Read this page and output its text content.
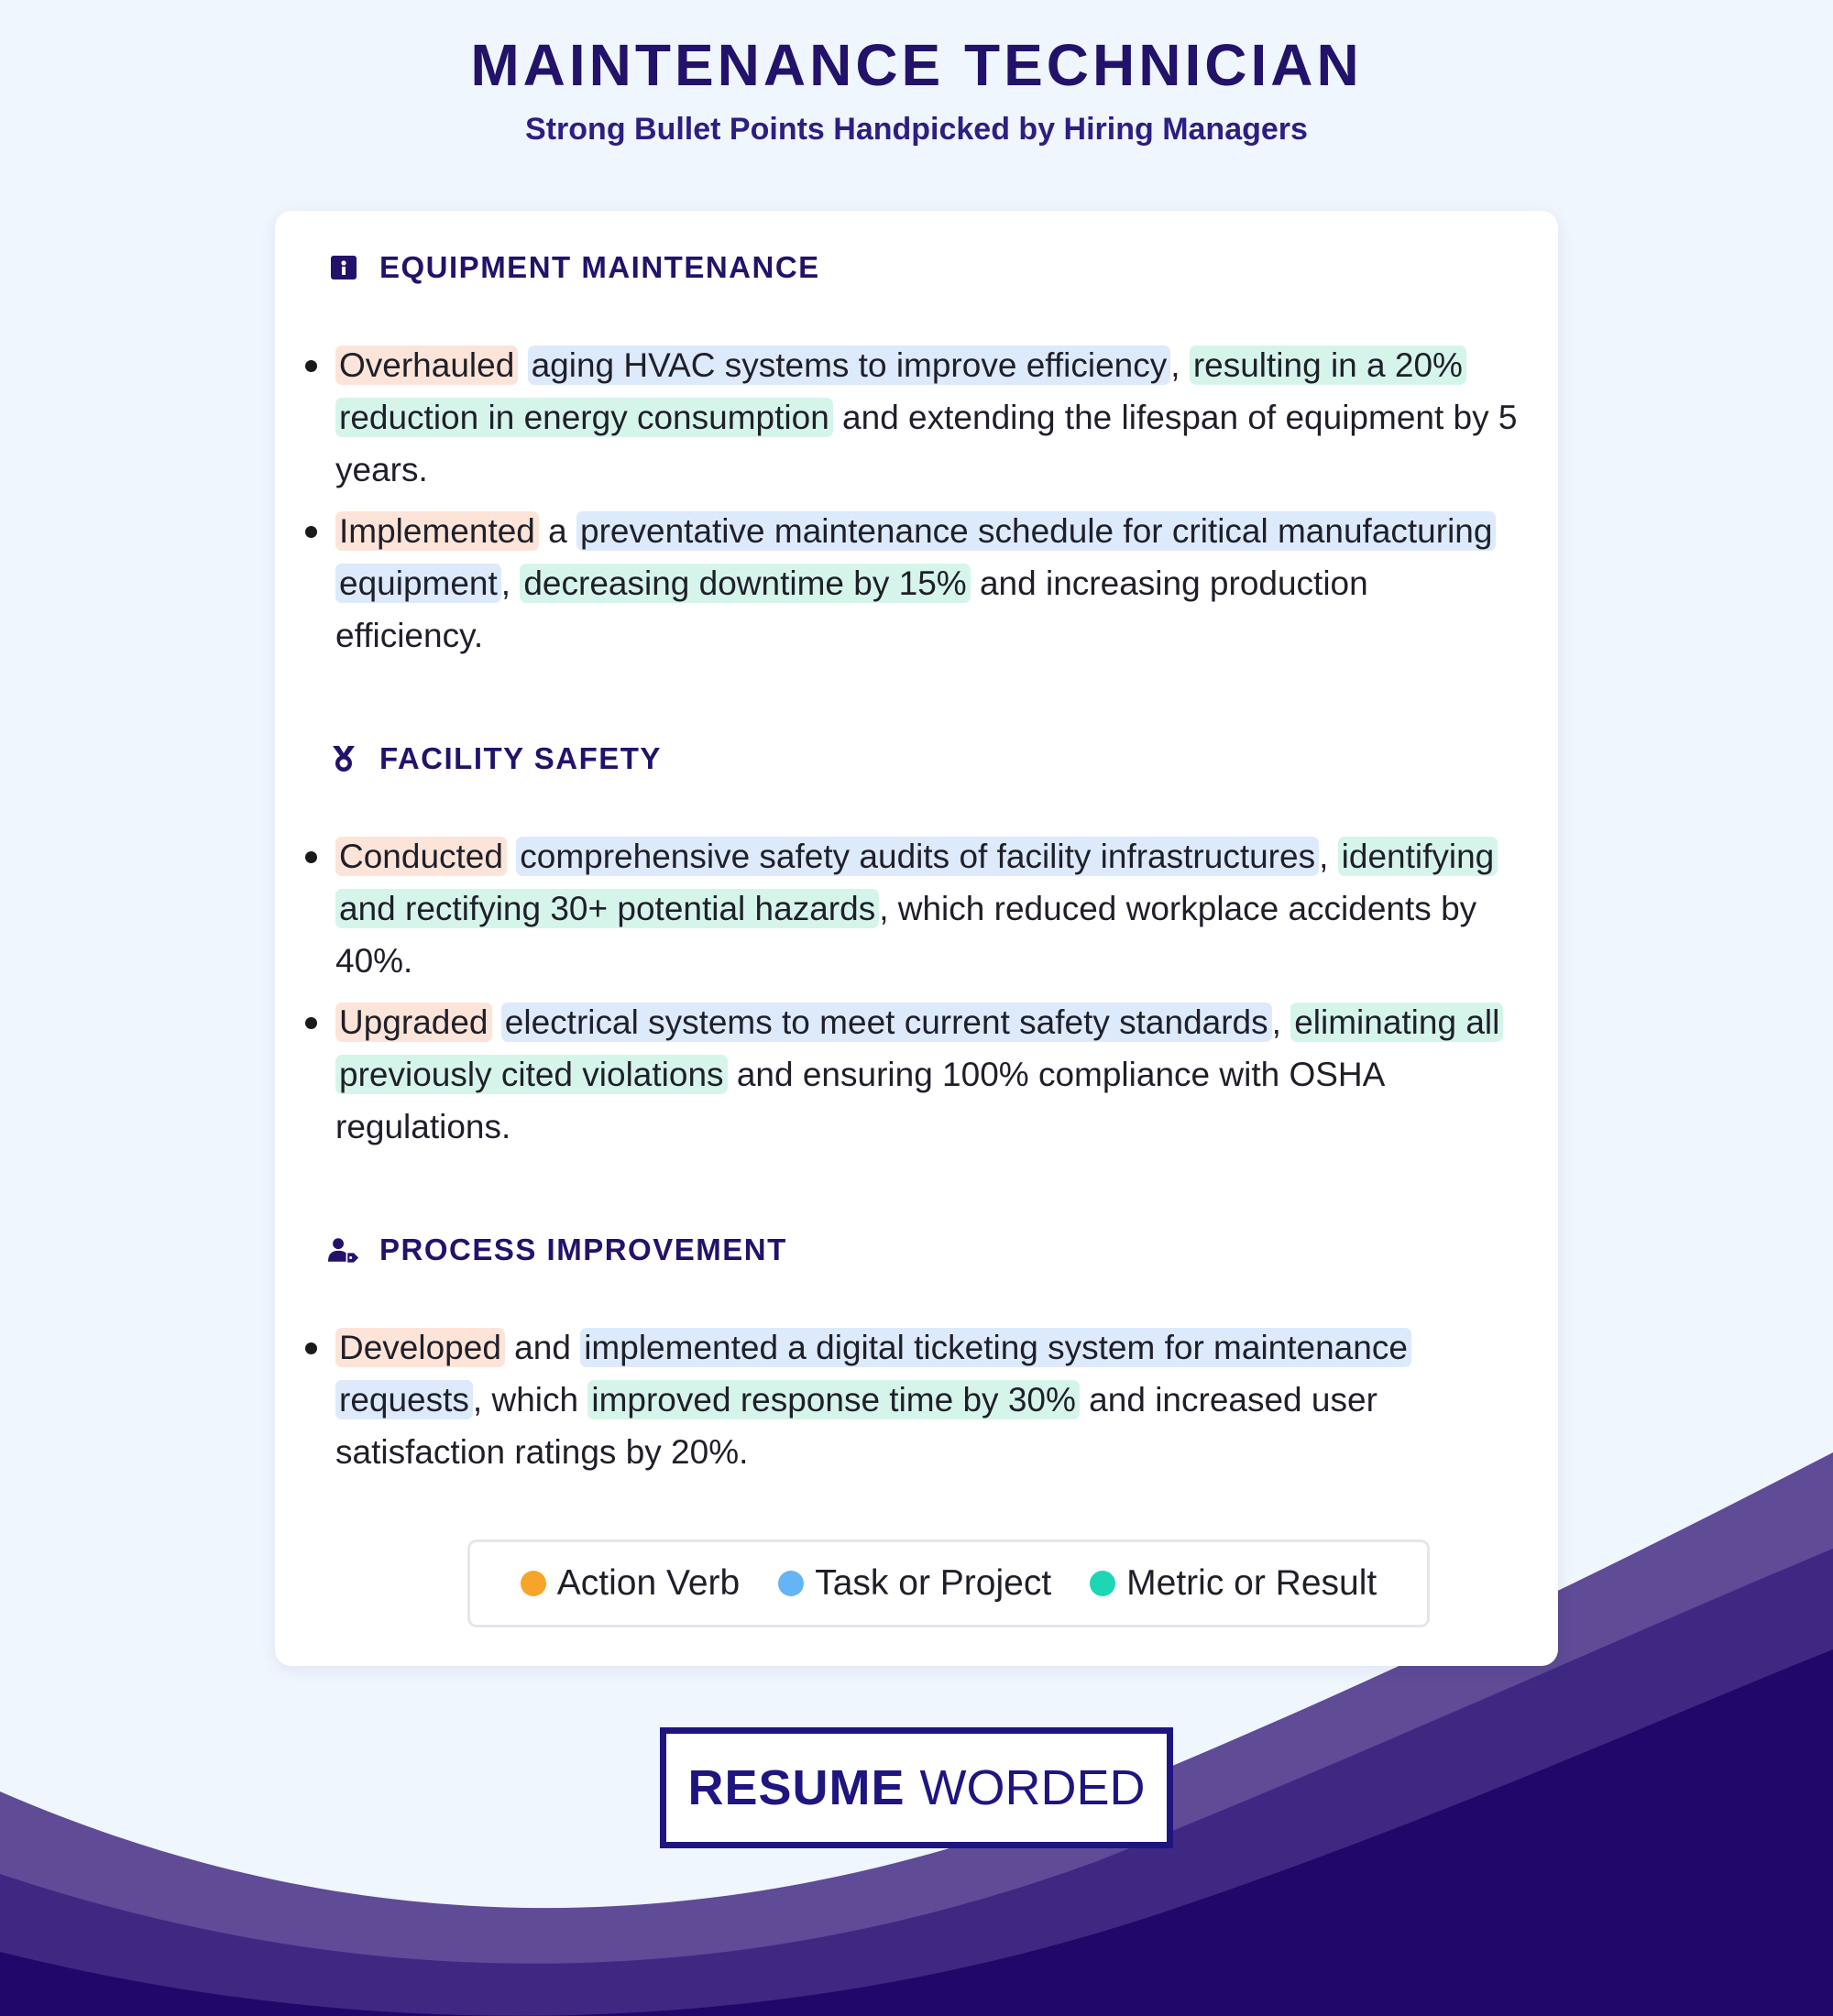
MAINTENANCE TECHNICIAN
Strong Bullet Points Handpicked by Hiring Managers
EQUIPMENT MAINTENANCE
Overhauled aging HVAC systems to improve efficiency , resulting in a 20% reduction in energy consumption and extending the lifespan of equipment by 5 years.
Implemented a preventative maintenance schedule for critical manufacturing equipment , decreasing downtime by 15% and increasing production efficiency.
FACILITY SAFETY
Conducted comprehensive safety audits of facility infrastructures , identifying and rectifying 30+ potential hazards , which reduced workplace accidents by 40%.
Upgraded electrical systems to meet current safety standards , eliminating all previously cited violations and ensuring 100% compliance with OSHA regulations.
PROCESS IMPROVEMENT
Developed and implemented a digital ticketing system for maintenance requests , which improved response time by 30% and increased user satisfaction ratings by 20%.
Action Verb Task or Project Metric or Result
RESUME WORDED
